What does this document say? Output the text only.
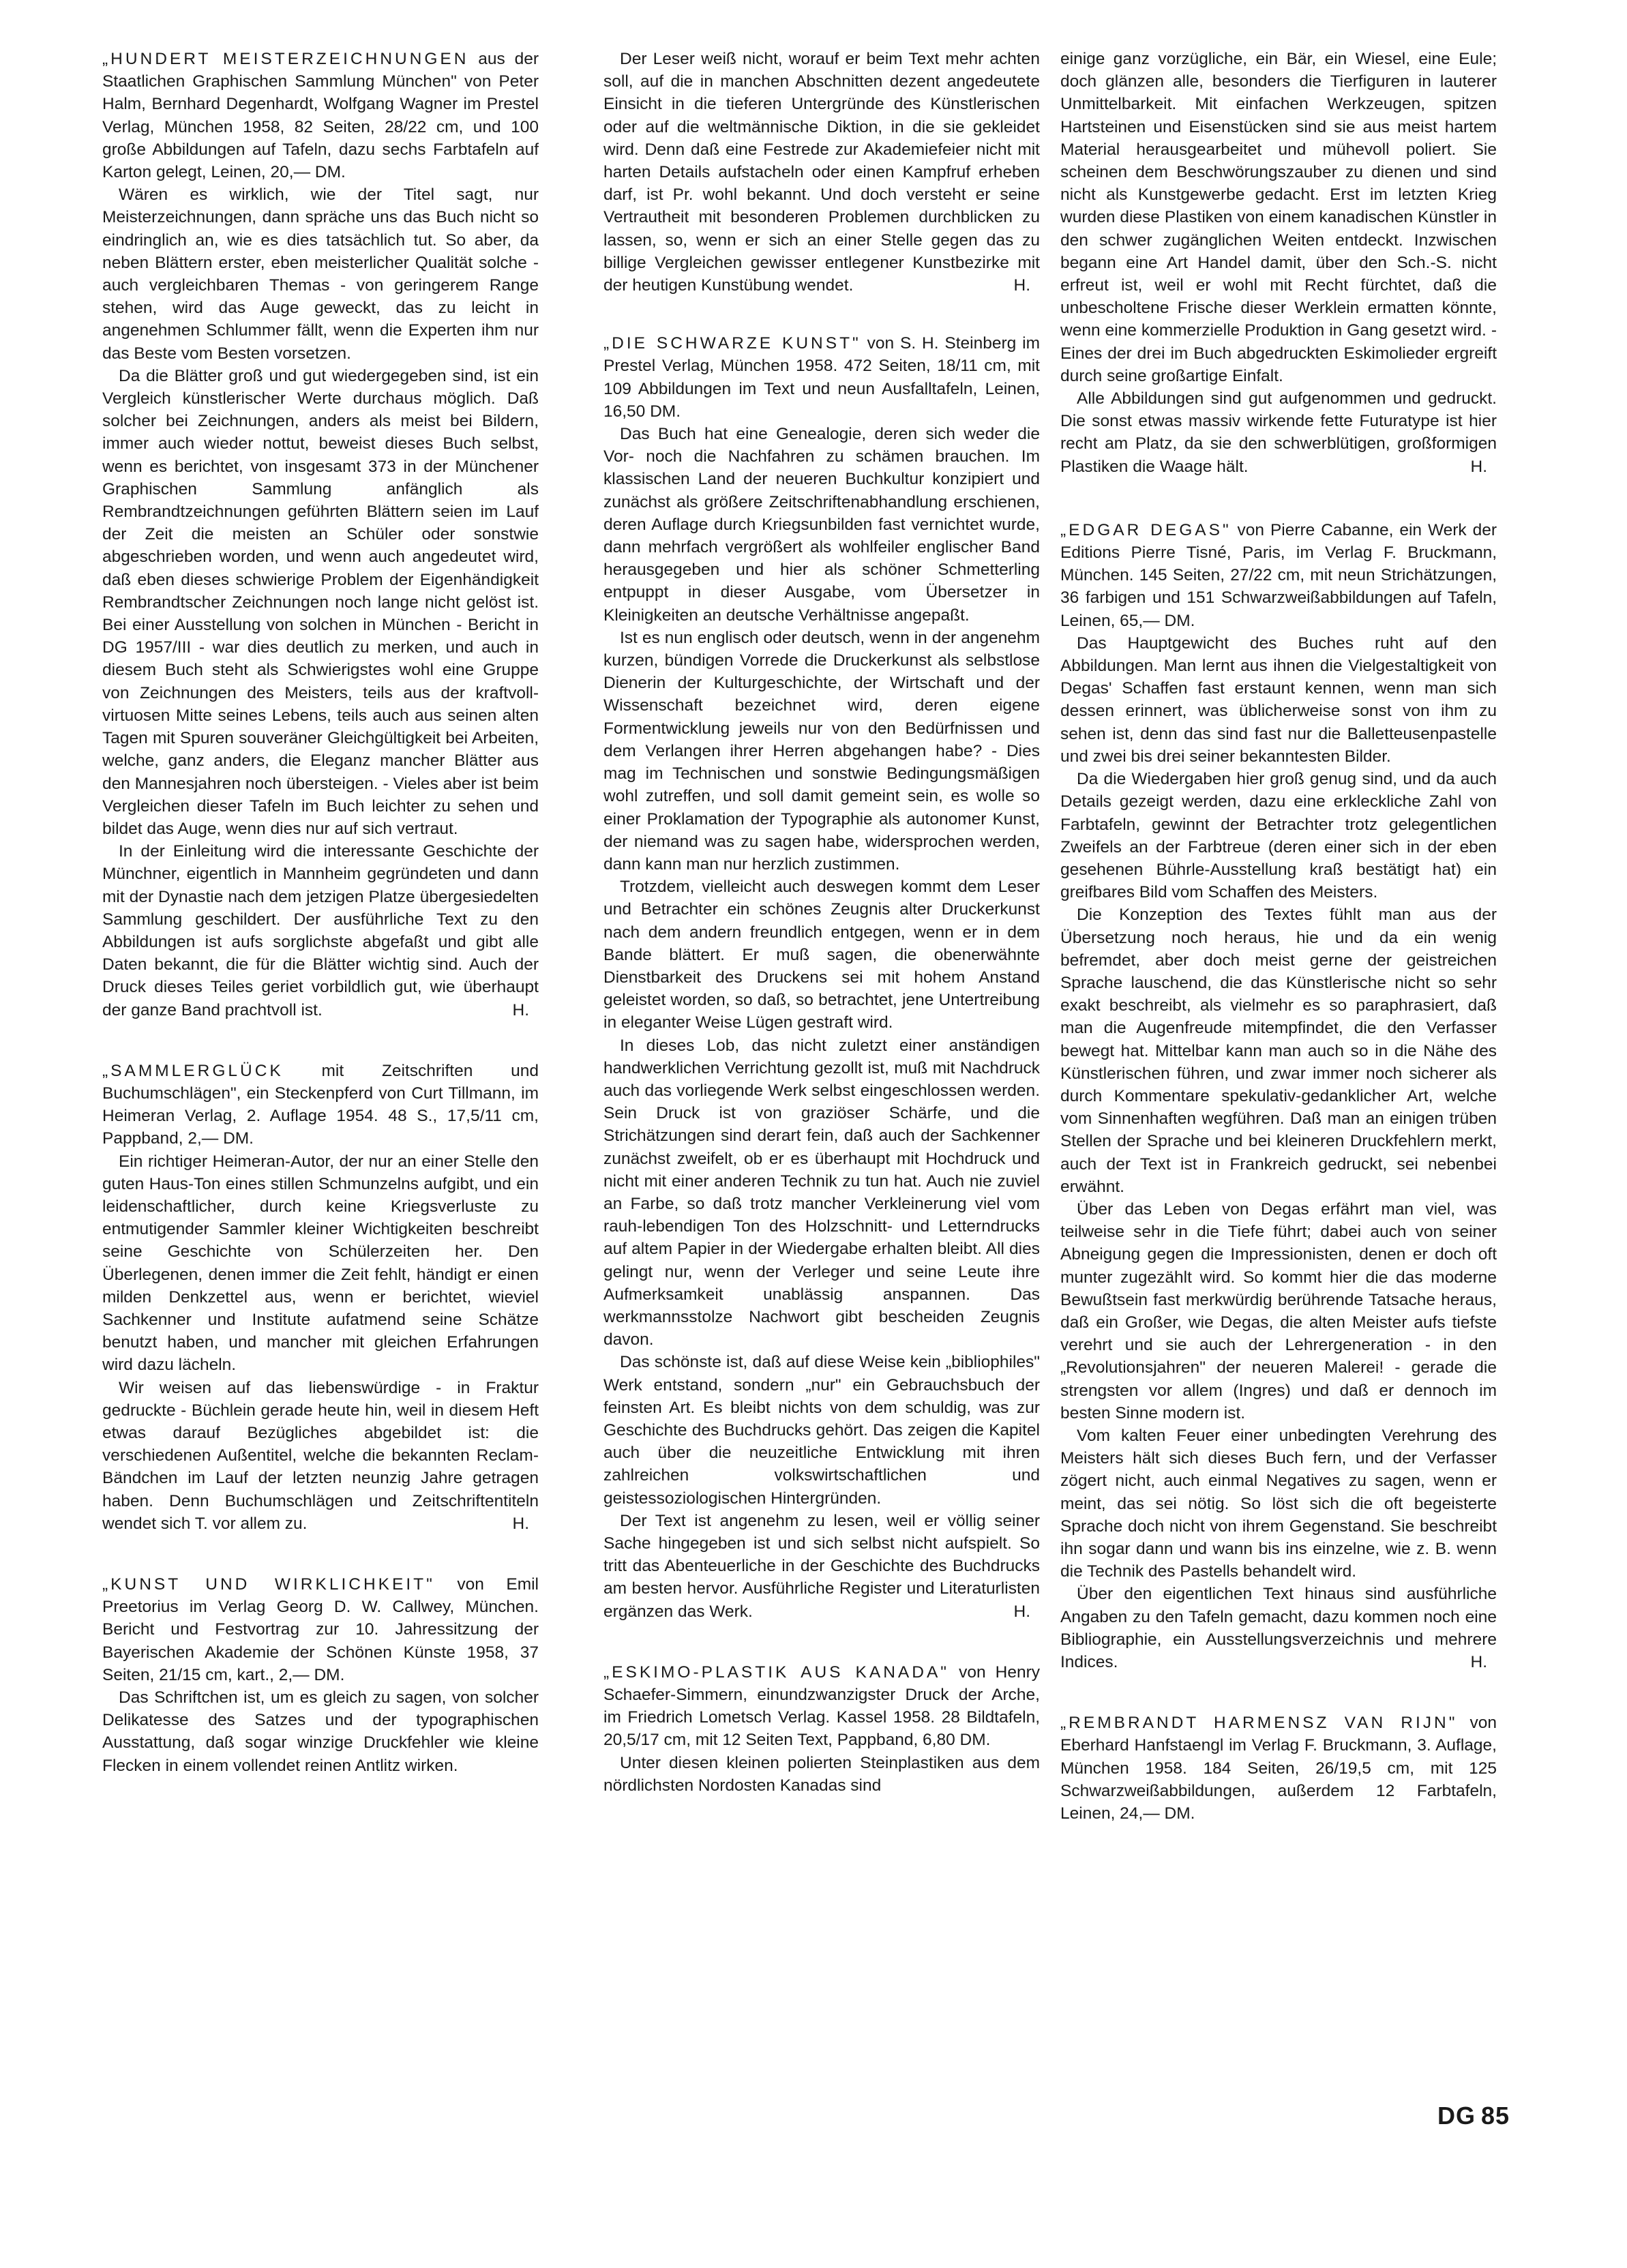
„HUNDERT MEISTERZEICHNUNGEN aus der Staatlichen Graphischen Sammlung München" von Peter Halm, Bernhard Degenhardt, Wolfgang Wagner im Prestel Verlag, München 1958, 82 Seiten, 28/22 cm, und 100 große Abbildungen auf Tafeln, dazu sechs Farbtafeln auf Karton gelegt, Leinen, 20,— DM.

Wären es wirklich, wie der Titel sagt, nur Meisterzeichnungen, dann spräche uns das Buch nicht so eindringlich an, wie es dies tatsächlich tut. So aber, da neben Blättern erster, eben meisterlicher Qualität solche - auch vergleichbaren Themas - von geringerem Range stehen, wird das Auge geweckt, das zu leicht in angenehmen Schlummer fällt, wenn die Experten ihm nur das Beste vom Besten vorsetzen.

Da die Blätter groß und gut wiedergegeben sind, ist ein Vergleich künstlerischer Werte durchaus möglich. Daß solcher bei Zeichnungen, anders als meist bei Bildern, immer auch wieder nottut, beweist dieses Buch selbst, wenn es berichtet, von insgesamt 373 in der Münchener Graphischen Sammlung anfänglich als Rembrandtzeichnungen geführten Blättern seien im Lauf der Zeit die meisten an Schüler oder sonstwie abgeschrieben worden, und wenn auch angedeutet wird, daß eben dieses schwierige Problem der Eigenhändigkeit Rembrandtscher Zeichnungen noch lange nicht gelöst ist. Bei einer Ausstellung von solchen in München - Bericht in DG 1957/III - war dies deutlich zu merken, und auch in diesem Buch steht als Schwierigstes wohl eine Gruppe von Zeichnungen des Meisters, teils aus der kraftvoll-virtuosen Mitte seines Lebens, teils auch aus seinen alten Tagen mit Spuren souveräner Gleichgültigkeit bei Arbeiten, welche, ganz anders, die Eleganz mancher Blätter aus den Mannesjahren noch übersteigen. - Vieles aber ist beim Vergleichen dieser Tafeln im Buch leichter zu sehen und bildet das Auge, wenn dies nur auf sich vertraut.

In der Einleitung wird die interessante Geschichte der Münchner, eigentlich in Mannheim gegründeten und dann mit der Dynastie nach dem jetzigen Platze übergesiedelten Sammlung geschildert. Der ausführliche Text zu den Abbildungen ist aufs sorglichste abgefaßt und gibt alle Daten bekannt, die für die Blätter wichtig sind. Auch der Druck dieses Teiles geriet vorbildlich gut, wie überhaupt der ganze Band prachtvoll ist.	H.

„SAMMLERGLÜCK mit Zeitschriften und Buchumschlägen", ein Steckenpferd von Curt Tillmann, im Heimeran Verlag, 2. Auflage 1954. 48 S., 17,5/11 cm, Pappband, 2,— DM.

Ein richtiger Heimeran-Autor, der nur an einer Stelle den guten Haus-Ton eines stillen Schmunzelns aufgibt, und ein leidenschaftlicher, durch keine Kriegsverluste zu entmutigender Sammler kleiner Wichtigkeiten beschreibt seine Geschichte von Schülerzeiten her. Den Überlegenen, denen immer die Zeit fehlt, händigt er einen milden Denkzettel aus, wenn er berichtet, wieviel Sachkenner und Institute aufatmend seine Schätze benutzt haben, und mancher mit gleichen Erfahrungen wird dazu lächeln.

Wir weisen auf das liebenswürdige - in Fraktur gedruckte - Büchlein gerade heute hin, weil in diesem Heft etwas darauf Bezügliches abgebildet ist: die verschiedenen Außentitel, welche die bekannten Reclam-Bändchen im Lauf der letzten neunzig Jahre getragen haben. Denn Buchumschlägen und Zeitschriftentiteln wendet sich T. vor allem zu.	H.

„KUNST UND WIRKLICHKEIT" von Emil Preetorius im Verlag Georg D. W. Callwey, München. Bericht und Festvortrag zur 10. Jahressitzung der Bayerischen Akademie der Schönen Künste 1958, 37 Seiten, 21/15 cm, kart., 2,— DM.

Das Schriftchen ist, um es gleich zu sagen, von solcher Delikatesse des Satzes und der typographischen Ausstattung, daß sogar winzige Druckfehler wie kleine Flecken in einem vollendet reinen Antlitz wirken.

Der Leser weiß nicht, worauf er beim Text mehr achten soll, auf die in manchen Abschnitten dezent angedeutete Einsicht in die tieferen Untergründe des Künstlerischen oder auf die weltmännische Diktion, in die sie gekleidet wird. Denn daß eine Festrede zur Akademiefeier nicht mit harten Details aufstacheln oder einen Kampfruf erheben darf, ist Pr. wohl bekannt. Und doch versteht er seine Vertrautheit mit besonderen Problemen durchblicken zu lassen, so, wenn er sich an einer Stelle gegen das zu billige Vergleichen gewisser entlegener Kunstbezirke mit der heutigen Kunstübung wendet.	H.

„DIE SCHWARZE KUNST" von S. H. Steinberg im Prestel Verlag, München 1958. 472 Seiten, 18/11 cm, mit 109 Abbildungen im Text und neun Ausfalltafeln, Leinen, 16,50 DM.

Das Buch hat eine Genealogie, deren sich weder die Vor- noch die Nachfahren zu schämen brauchen. Im klassischen Land der neueren Buchkultur konzipiert und zunächst als größere Zeitschriftenabhandlung erschienen, deren Auflage durch Kriegsunbilden fast vernichtet wurde, dann mehrfach vergrößert als wohlfeiler englischer Band herausgegeben und hier als schöner Schmetterling entpuppt in dieser Ausgabe, vom Übersetzer in Kleinigkeiten an deutsche Verhältnisse angepaßt.

Ist es nun englisch oder deutsch, wenn in der angenehm kurzen, bündigen Vorrede die Druckerkunst als selbstlose Dienerin der Kulturgeschichte, der Wirtschaft und der Wissenschaft bezeichnet wird, deren eigene Formentwicklung jeweils nur von den Bedürfnissen und dem Verlangen ihrer Herren abgehangen habe? - Dies mag im Technischen und sonstwie Bedingungsmäßigen wohl zutreffen, und soll damit gemeint sein, es wolle so einer Proklamation der Typographie als autonomer Kunst, der niemand was zu sagen habe, widersprochen werden, dann kann man nur herzlich zustimmen.

Trotzdem, vielleicht auch deswegen kommt dem Leser und Betrachter ein schönes Zeugnis alter Druckerkunst nach dem andern freundlich entgegen, wenn er in dem Bande blättert. Er muß sagen, die obenerwähnte Dienstbarkeit des Druckens sei mit hohem Anstand geleistet worden, so daß, so betrachtet, jene Untertreibung in eleganter Weise Lügen gestraft wird.

In dieses Lob, das nicht zuletzt einer anständigen handwerklichen Verrichtung gezollt ist, muß mit Nachdruck auch das vorliegende Werk selbst eingeschlossen werden. Sein Druck ist von graziöser Schärfe, und die Strichätzungen sind derart fein, daß auch der Sachkenner zunächst zweifelt, ob er es überhaupt mit Hochdruck und nicht mit einer anderen Technik zu tun hat. Auch nie zuviel an Farbe, so daß trotz mancher Verkleinerung viel vom rauh-lebendigen Ton des Holzschnitt- und Letterndrucks auf altem Papier in der Wiedergabe erhalten bleibt. All dies gelingt nur, wenn der Verleger und seine Leute ihre Aufmerksamkeit unablässig anspannen. Das werkmannsstolze Nachwort gibt bescheiden Zeugnis davon.

Das schönste ist, daß auf diese Weise kein „bibliophiles" Werk entstand, sondern „nur" ein Gebrauchsbuch der feinsten Art. Es bleibt nichts von dem schuldig, was zur Geschichte des Buchdrucks gehört. Das zeigen die Kapitel auch über die neuzeitliche Entwicklung mit ihren zahlreichen volkswirtschaftlichen und geistessoziologischen Hintergründen.

Der Text ist angenehm zu lesen, weil er völlig seiner Sache hingegeben ist und sich selbst nicht aufspielt. So tritt das Abenteuerliche in der Geschichte des Buchdrucks am besten hervor. Ausführliche Register und Literaturlisten ergänzen das Werk.	H.

„ESKIMO-PLASTIK AUS KANADA" von Henry Schaefer-Simmern, einundzwanzigster Druck der Arche, im Friedrich Lometsch Verlag. Kassel 1958. 28 Bildtafeln, 20,5/17 cm, mit 12 Seiten Text, Pappband, 6,80 DM.

Unter diesen kleinen polierten Steinplastiken aus dem nördlichsten Nordosten Kanadas sind

einige ganz vorzügliche, ein Bär, ein Wiesel, eine Eule; doch glänzen alle, besonders die Tierfiguren in lauterer Unmittelbarkeit. Mit einfachen Werkzeugen, spitzen Hartsteinen und Eisenstücken sind sie aus meist hartem Material herausgearbeitet und mühevoll poliert. Sie scheinen dem Beschwörungszauber zu dienen und sind nicht als Kunstgewerbe gedacht. Erst im letzten Krieg wurden diese Plastiken von einem kanadischen Künstler in den schwer zugänglichen Weiten entdeckt. Inzwischen begann eine Art Handel damit, über den Sch.-S. nicht erfreut ist, weil er wohl mit Recht fürchtet, daß die unbescholtene Frische dieser Werklein ermatten könnte, wenn eine kommerzielle Produktion in Gang gesetzt wird. - Eines der drei im Buch abgedruckten Eskimolieder ergreift durch seine großartige Einfalt.

Alle Abbildungen sind gut aufgenommen und gedruckt. Die sonst etwas massiv wirkende fette Futuratype ist hier recht am Platz, da sie den schwerblütigen, großformigen Plastiken die Waage hält.	H.

„EDGAR DEGAS" von Pierre Cabanne, ein Werk der Editions Pierre Tisné, Paris, im Verlag F. Bruckmann, München. 145 Seiten, 27/22 cm, mit neun Strichätzungen, 36 farbigen und 151 Schwarzweißabbildungen auf Tafeln, Leinen, 65,— DM.

Das Hauptgewicht des Buches ruht auf den Abbildungen. Man lernt aus ihnen die Vielgestaltigkeit von Degas' Schaffen fast erstaunt kennen, wenn man sich dessen erinnert, was üblicherweise sonst von ihm zu sehen ist, denn das sind fast nur die Balletteusenpastelle und zwei bis drei seiner bekanntesten Bilder.

Da die Wiedergaben hier groß genug sind, und da auch Details gezeigt werden, dazu eine erkleckliche Zahl von Farbtafeln, gewinnt der Betrachter trotz gelegentlichen Zweifels an der Farbtreue (deren einer sich in der eben gesehenen Bührle-Ausstellung kraß bestätigt hat) ein greifbares Bild vom Schaffen des Meisters.

Die Konzeption des Textes fühlt man aus der Übersetzung noch heraus, hie und da ein wenig befremdet, aber doch meist gerne der geistreichen Sprache lauschend, die das Künstlerische nicht so sehr exakt beschreibt, als vielmehr es so paraphrasiert, daß man die Augenfreude mitempfindet, die den Verfasser bewegt hat. Mittelbar kann man auch so in die Nähe des Künstlerischen führen, und zwar immer noch sicherer als durch Kommentare spekulativ-gedanklicher Art, welche vom Sinnenhaften wegführen. Daß man an einigen trüben Stellen der Sprache und bei kleineren Druckfehlern merkt, auch der Text ist in Frankreich gedruckt, sei nebenbei erwähnt.

Über das Leben von Degas erfährt man viel, was teilweise sehr in die Tiefe führt; dabei auch von seiner Abneigung gegen die Impressionisten, denen er doch oft munter zugezählt wird. So kommt hier die das moderne Bewußtsein fast merkwürdig berührende Tatsache heraus, daß ein Großer, wie Degas, die alten Meister aufs tiefste verehrt und sie auch der Lehrergeneration - in den „Revolutionsjahren" der neueren Malerei! - gerade die strengsten vor allem (Ingres) und daß er dennoch im besten Sinne modern ist.

Vom kalten Feuer einer unbedingten Verehrung des Meisters hält sich dieses Buch fern, und der Verfasser zögert nicht, auch einmal Negatives zu sagen, wenn er meint, das sei nötig. So löst sich die oft begeisterte Sprache doch nicht von ihrem Gegenstand. Sie beschreibt ihn sogar dann und wann bis ins einzelne, wie z. B. wenn die Technik des Pastells behandelt wird.

Über den eigentlichen Text hinaus sind ausführliche Angaben zu den Tafeln gemacht, dazu kommen noch eine Bibliographie, ein Ausstellungsverzeichnis und mehrere Indices.	H.

„REMBRANDT HARMENSZ VAN RIJN" von Eberhard Hanfstaengl im Verlag F. Bruckmann, 3. Auflage, München 1958. 184 Seiten, 26/19,5 cm, mit 125 Schwarzweißabbildungen, außerdem 12 Farbtafeln, Leinen, 24,— DM.

DG 85
